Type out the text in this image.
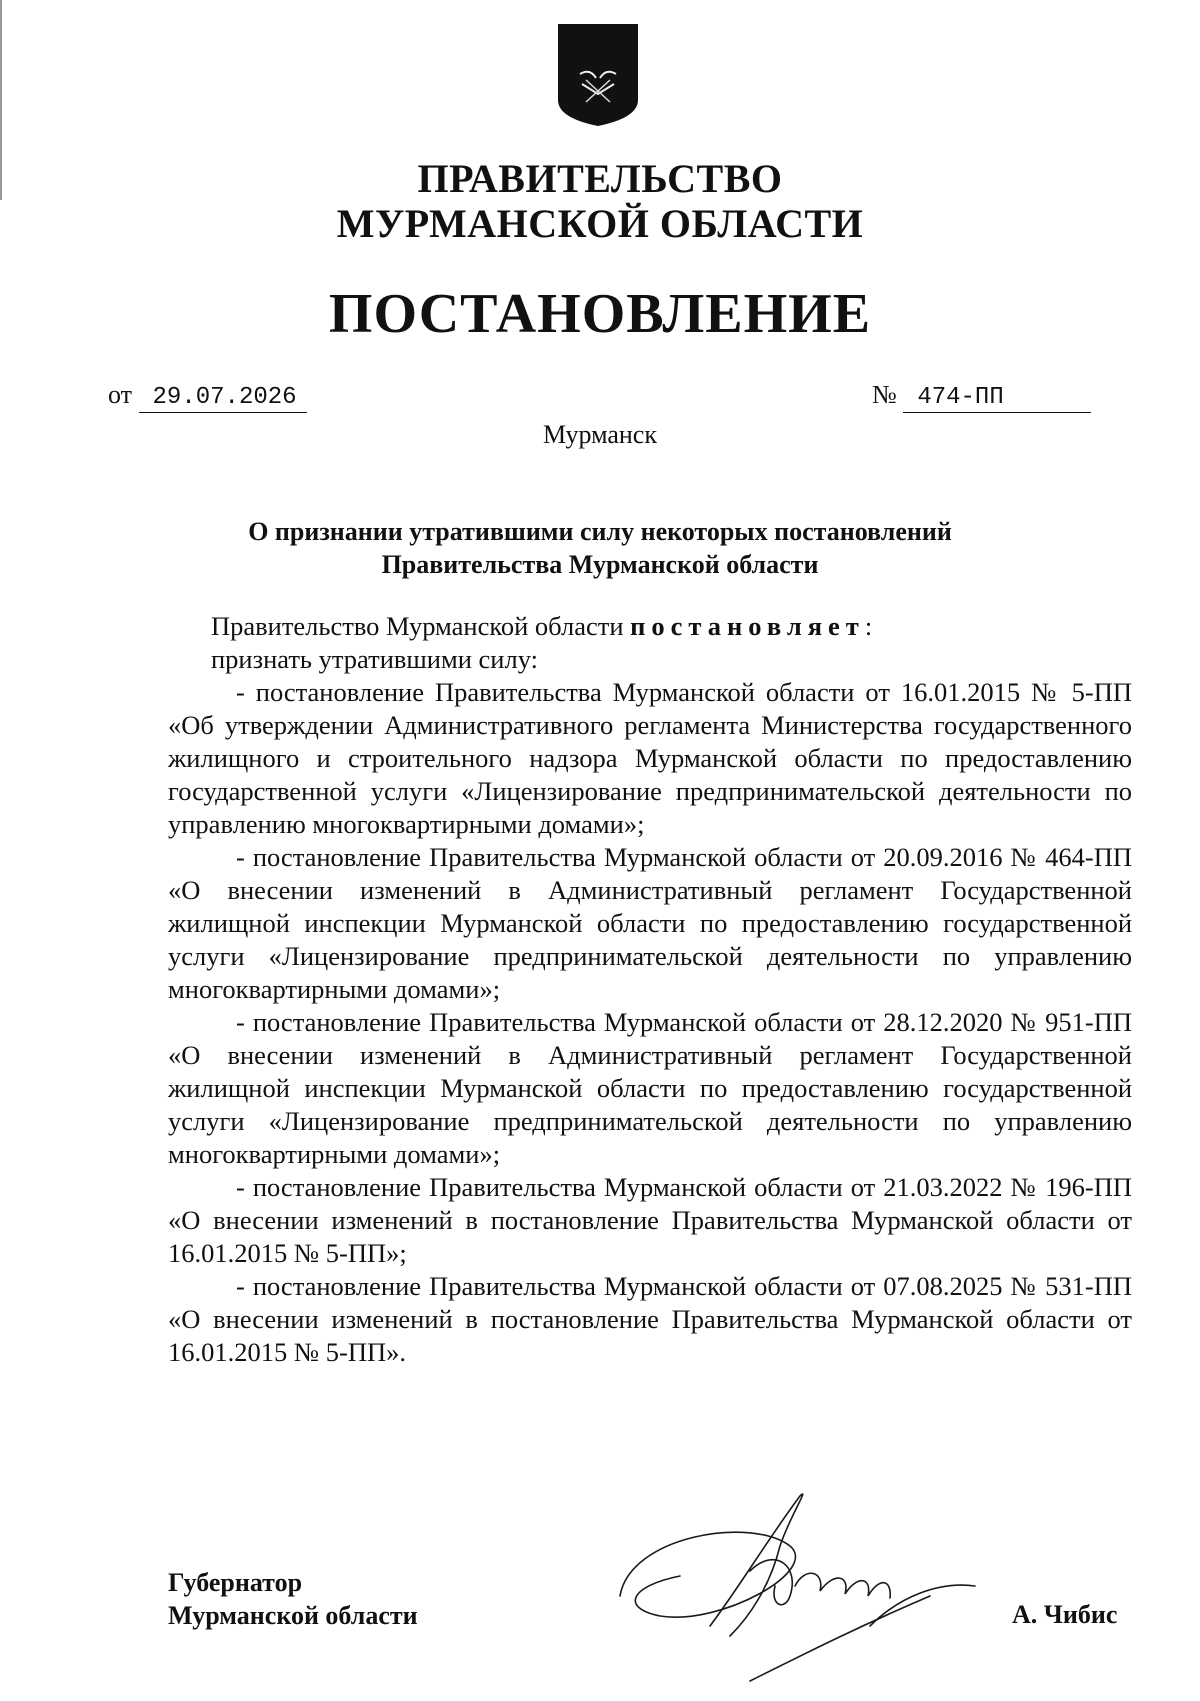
ПРАВИТЕЛЬСТВО
МУРМАНСКОЙ ОБЛАСТИ
ПОСТАНОВЛЕНИЕ
от 29.07.2026	№ 474-ПП
Мурманск
О признании утратившими силу некоторых постановлений
Правительства Мурманской области

Правительство Мурманской области постановляет:

признать утратившими силу:

- постановление Правительства Мурманской области от 16.01.2015 № 5-ПП «Об утверждении Административного регламента Министерства государственного жилищного и строительного надзора Мурманской области по предоставлению государственной услуги «Лицензирование предпринимательской деятельности по управлению многоквартирными домами»;

- постановление Правительства Мурманской области от 20.09.2016 № 464-ПП «О внесении изменений в Административный регламент Государственной жилищной инспекции Мурманской области по предоставлению государственной услуги «Лицензирование предпринимательской деятельности по управлению многоквартирными домами»;

- постановление Правительства Мурманской области от 28.12.2020 № 951-ПП «О внесении изменений в Административный регламент Государственной жилищной инспекции Мурманской области по предоставлению государственной услуги «Лицензирование предпринимательской деятельности по управлению многоквартирными домами»;

- постановление Правительства Мурманской области от 21.03.2022 № 196-ПП «О внесении изменений в постановление Правительства Мурманской области от 16.01.2015 № 5-ПП»;

- постановление Правительства Мурманской области от 07.08.2025 № 531-ПП «О внесении изменений в постановление Правительства Мурманской области от 16.01.2015 № 5-ПП».

Губернатор
Мурманской области	А. Чибис
